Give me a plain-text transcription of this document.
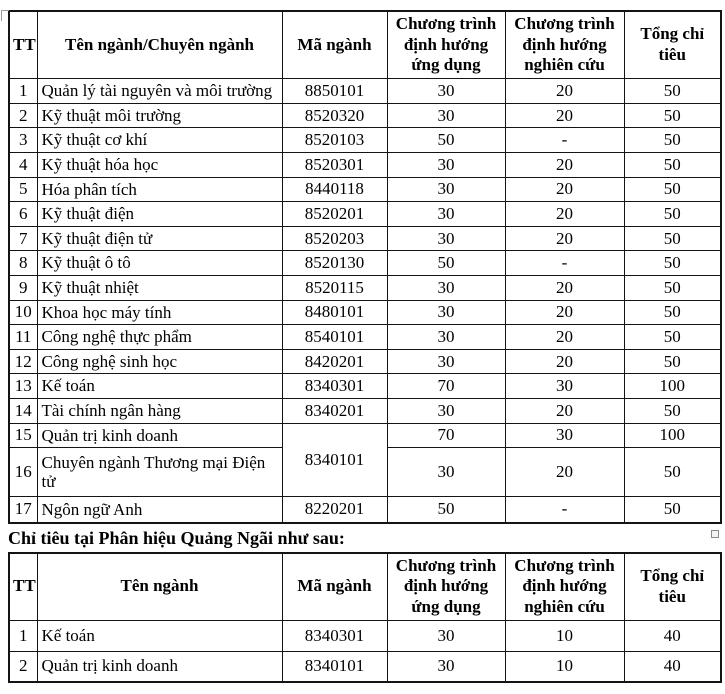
TT	Tên ngành/Chuyên ngành	Mã ngành	Chương trình định hướng ứng dụng	Chương trình định hướng nghiên cứu	Tổng chỉ tiêu
1	Quản lý tài nguyên và môi trường	8850101	30	20	50
2	Kỹ thuật môi trường	8520320	30	20	50
3	Kỹ thuật cơ khí	8520103	50	-	50
4	Kỹ thuật hóa học	8520301	30	20	50
5	Hóa phân tích	8440118	30	20	50
6	Kỹ thuật điện	8520201	30	20	50
7	Kỹ thuật điện tử	8520203	30	20	50
8	Kỹ thuật ô tô	8520130	50	-	50
9	Kỹ thuật nhiệt	8520115	30	20	50
10	Khoa học máy tính	8480101	30	20	50
11	Công nghệ thực phẩm	8540101	30	20	50
12	Công nghệ sinh học	8420201	30	20	50
13	Kế toán	8340301	70	30	100
14	Tài chính ngân hàng	8340201	30	20	50
15	Quản trị kinh doanh	8340101	70	30	100
16	Chuyên ngành Thương mại Điện tử		30	20	50
17	Ngôn ngữ Anh	8220201	50	-	50
Chỉ tiêu tại Phân hiệu Quảng Ngãi như sau:
TT	Tên ngành	Mã ngành	Chương trình định hướng ứng dụng	Chương trình định hướng nghiên cứu	Tổng chỉ tiêu
1	Kế toán	8340301	30	10	40
2	Quản trị kinh doanh	8340101	30	10	40
